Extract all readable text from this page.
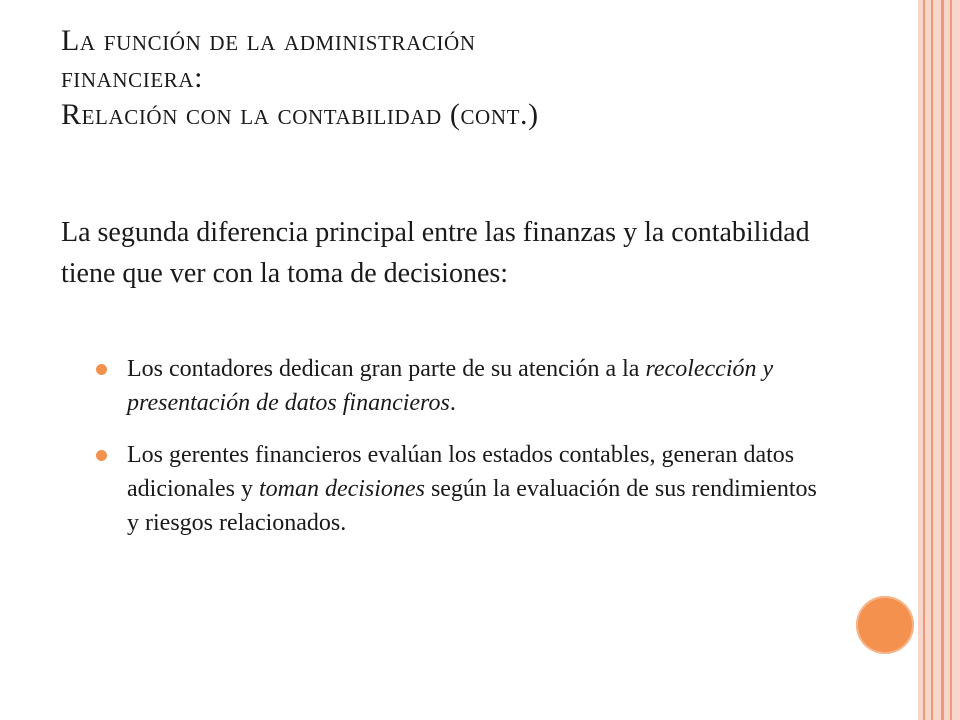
La función de la administración
financiera:
Relación con la contabilidad (cont.)

La segunda diferencia principal entre las finanzas y la contabilidad tiene que ver con la toma de decisiones:

Los contadores dedican gran parte de su atención a la recolección y presentación de datos financieros.
Los gerentes financieros evalúan los estados contables, generan datos adicionales y toman decisiones según la evaluación de sus rendimientos y riesgos relacionados.
